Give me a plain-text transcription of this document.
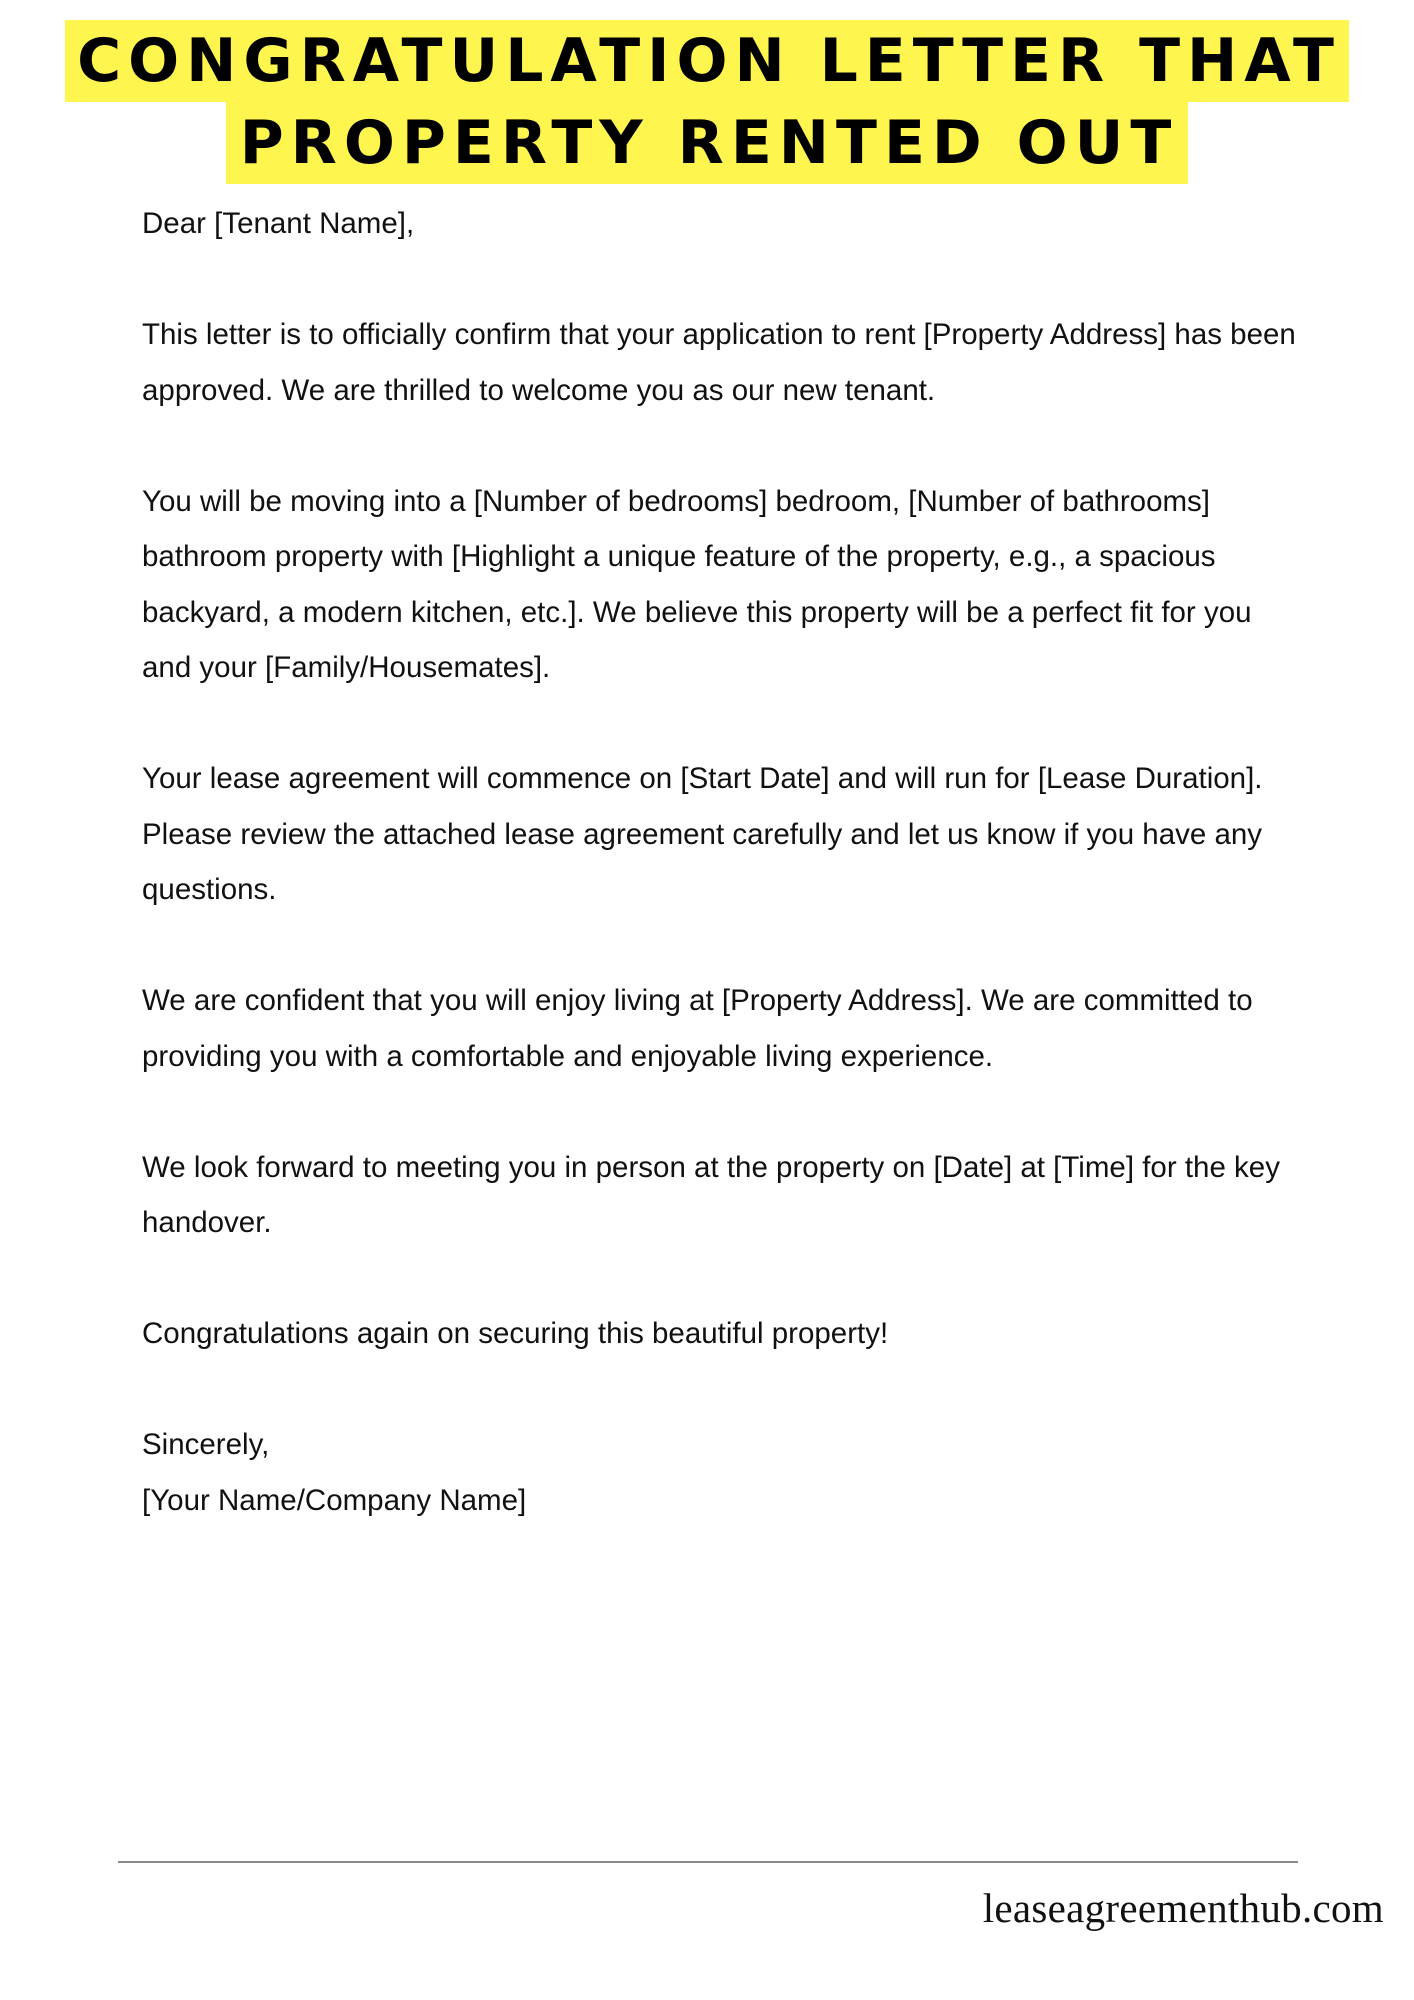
CONGRATULATION LETTER THAT
PROPERTY RENTED OUT

Dear [Tenant Name],

This letter is to officially confirm that your application to rent [Property Address] has been approved. We are thrilled to welcome you as our new tenant.

You will be moving into a [Number of bedrooms] bedroom, [Number of bathrooms] bathroom property with [Highlight a unique feature of the property, e.g., a spacious backyard, a modern kitchen, etc.]. We believe this property will be a perfect fit for you and your [Family/Housemates].

Your lease agreement will commence on [Start Date] and will run for [Lease Duration]. Please review the attached lease agreement carefully and let us know if you have any questions.

We are confident that you will enjoy living at [Property Address]. We are committed to providing you with a comfortable and enjoyable living experience.

We look forward to meeting you in person at the property on [Date] at [Time] for the key handover.

Congratulations again on securing this beautiful property!

Sincerely,
[Your Name/Company Name]
leaseagreementhub.com
